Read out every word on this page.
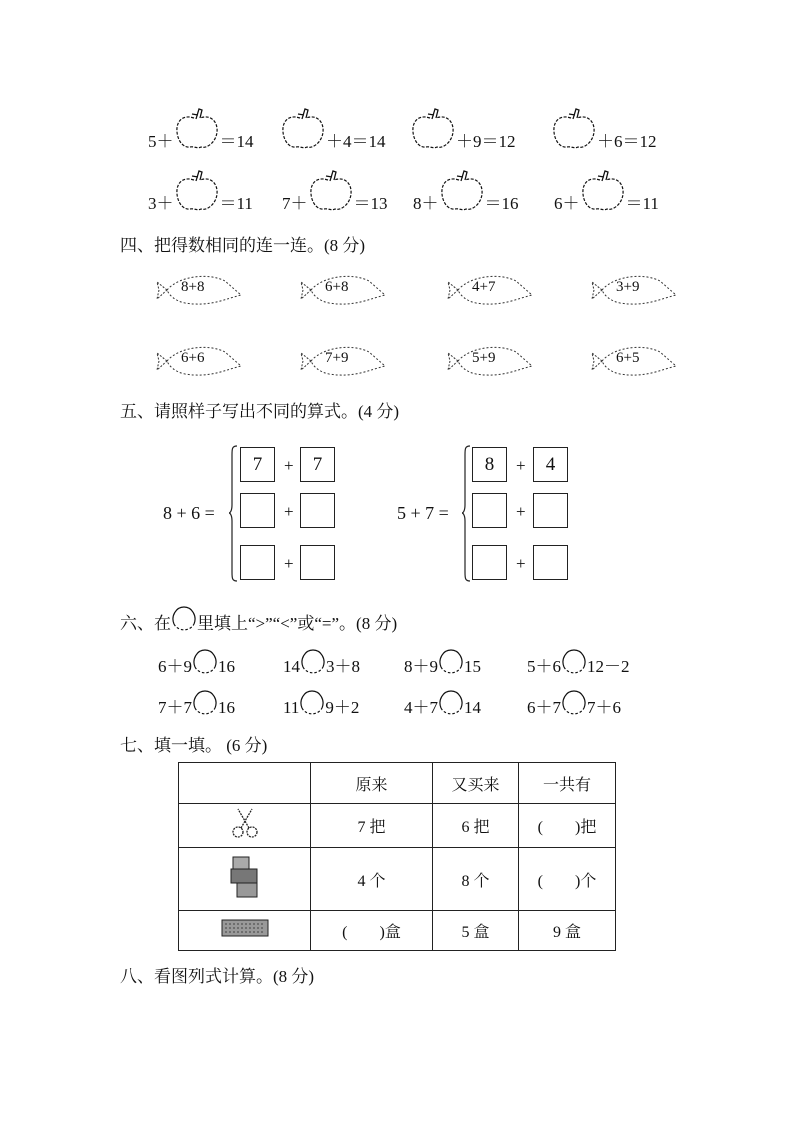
5＋	＝14	＋4＝14	＋9＝12	＋6＝12
3＋	＝11 7＋	＝13 8＋	＝16 6＋	＝11
四、把得数相同的连一连。(8 分)
8+8	6+8	4+7	3+9
6+6	7+9	5+9	6+5
五、请照样子写出不同的算式。(4 分)
8 + 6 =
7	+	7
+
+
5 + 7 =
8	+	4
+
+
六、在 里填上“>”“<”或“=”。(8 分)
6＋9 16	14 3＋8	8＋9 15	5＋6 12－2
7＋7 16	11 9＋2	4＋7 14	6＋7 7＋6
七、填一填。 (6 分)
	原来	又买来	一共有
	7 把	6 把	(　　)把
	4 个	8 个	(　　)个
	(　　)盒	5 盒	9 盒
八、看图列式计算。(8 分)
